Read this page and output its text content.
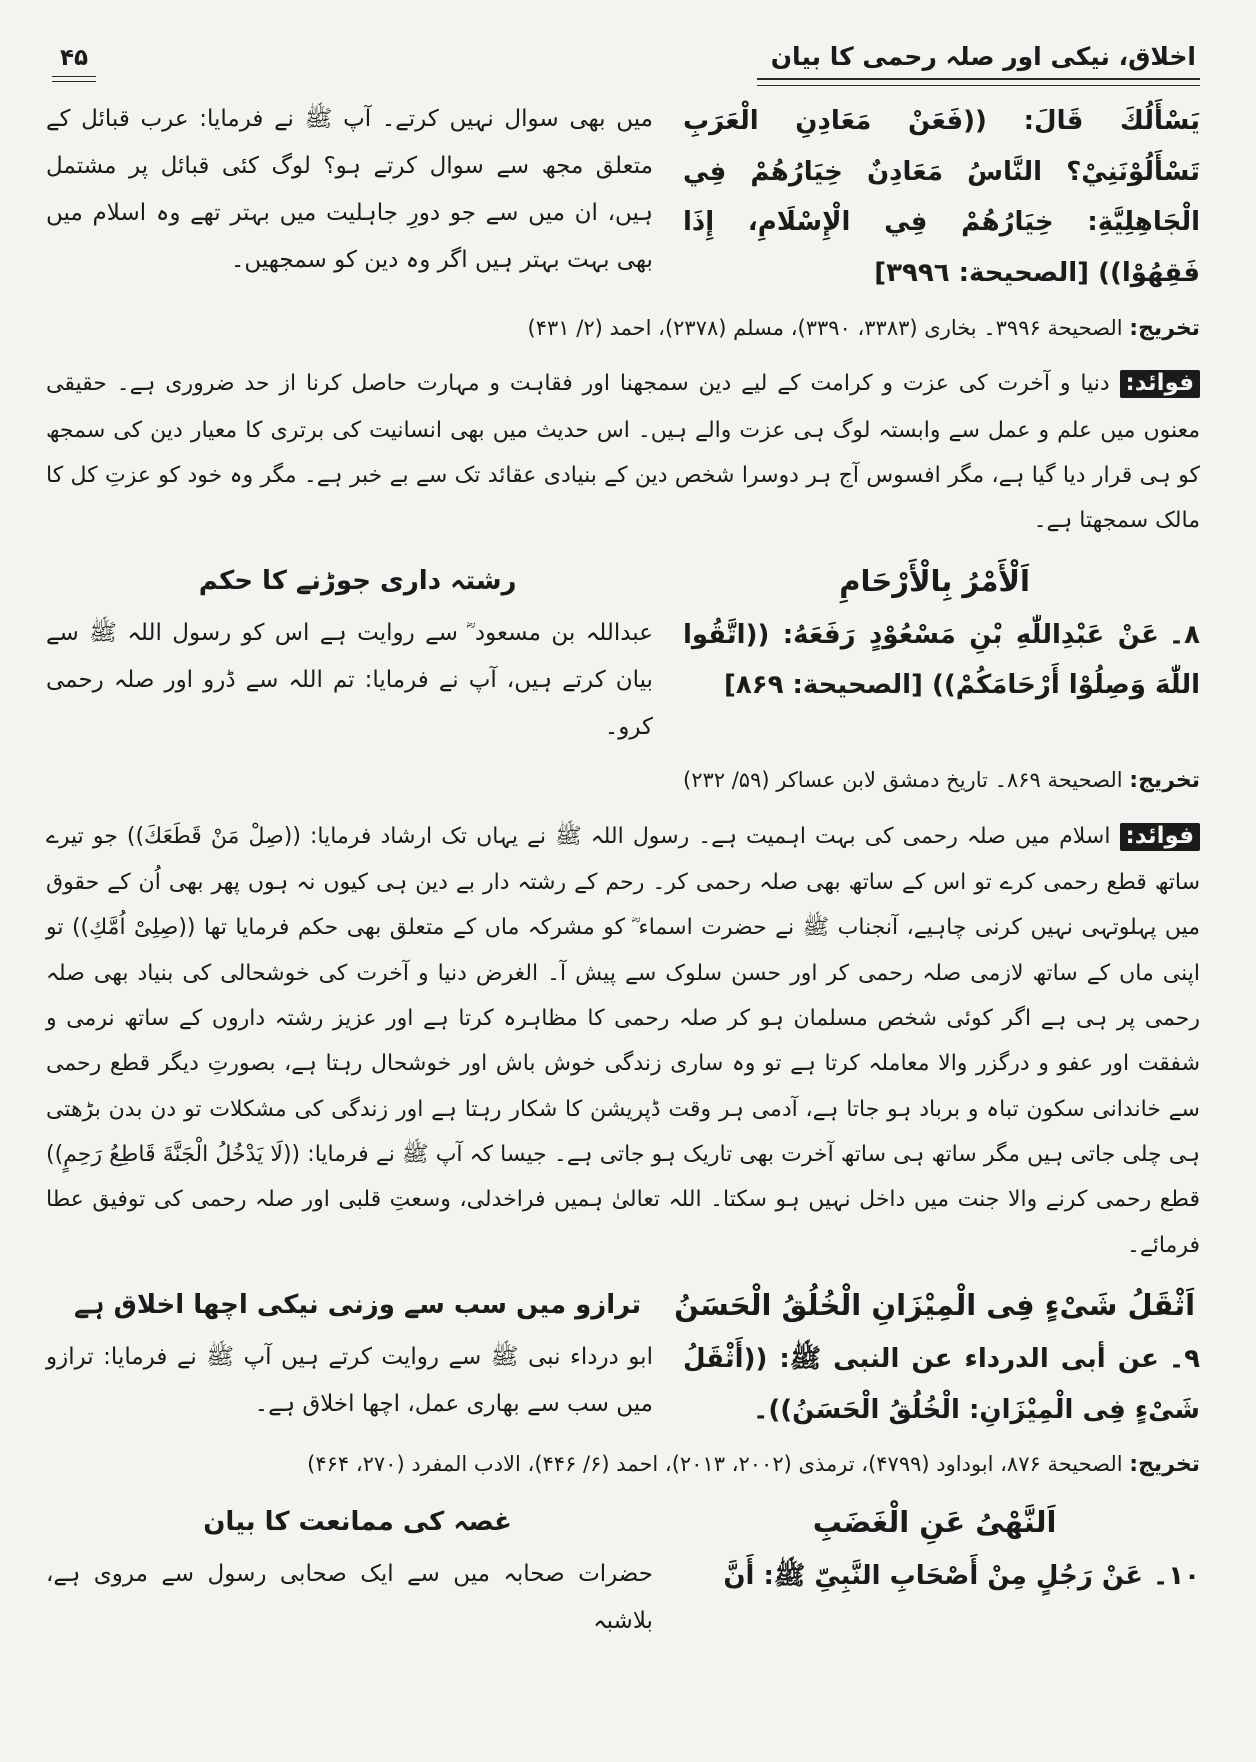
اخلاق، نیکی اور صلہ رحمی کا بیان
۴۵
يَسْأَلُكَ قَالَ: ((فَعَنْ مَعَادِنِ الْعَرَبِ تَسْأَلُوْنَنِيْ؟ النَّاسُ مَعَادِنٌ خِيَارُهُمْ فِي الْجَاهِلِيَّةِ: خِيَارُهُمْ فِي الْإِسْلَامِ، إِذَا فَقِهُوْا)) [الصحيحة: ٣٩٩٦]
میں بھی سوال نہیں کرتے۔ آپ ﷺ نے فرمایا: عرب قبائل کے متعلق مجھ سے سوال کرتے ہو؟ لوگ کئی قبائل پر مشتمل ہیں، ان میں سے جو دورِ جاہلیت میں بہتر تھے وہ اسلام میں بھی بہت بہتر ہیں اگر وہ دین کو سمجھیں۔
تخریج: الصحیحة ۳۹۹۶۔ بخاری (۳۳۸۳، ۳۳۹۰)، مسلم (۲۳۷۸)، احمد (۲/ ۴۳۱)
فوائد: دنیا و آخرت کی عزت و کرامت کے لیے دین سمجھنا اور فقاہت و مہارت حاصل کرنا از حد ضروری ہے۔ حقیقی معنوں میں علم و عمل سے وابستہ لوگ ہی عزت والے ہیں۔ اس حدیث میں بھی انسانیت کی برتری کا معیار دین کی سمجھ کو ہی قرار دیا گیا ہے، مگر افسوس آج ہر دوسرا شخص دین کے بنیادی عقائد تک سے بے خبر ہے۔ مگر وہ خود کو عزتِ کل کا مالک سمجھتا ہے۔
اَلْأَمْرُ بِالْأَرْحَامِ
رشتہ داری جوڑنے کا حکم
۸۔عَنْ عَبْدِاللّٰهِ بْنِ مَسْعُوْدٍ رَفَعَهُ: ((اتَّقُوا اللّٰهَ وَصِلُوْا أَرْحَامَكُمْ)) [الصحیحة: ۸۶۹]
عبداللہ بن مسعود ؓ سے روایت ہے اس کو رسول اللہ ﷺ سے بیان کرتے ہیں، آپ نے فرمایا: تم اللہ سے ڈرو اور صلہ رحمی کرو۔
تخریج: الصحیحة ۸۶۹۔ تاریخ دمشق لابن عساکر (۵۹/ ۲۳۲)
فوائد: اسلام میں صلہ رحمی کی بہت اہمیت ہے۔ رسول اللہ ﷺ نے یہاں تک ارشاد فرمایا: ((صِلْ مَنْ قَطَعَكَ)) جو تیرے ساتھ قطع رحمی کرے تو اس کے ساتھ بھی صلہ رحمی کر۔ رحم کے رشتہ دار بے دین ہی کیوں نہ ہوں پھر بھی اُن کے حقوق میں پہلوتہی نہیں کرنی چاہیے، آنجناب ﷺ نے حضرت اسماء ؓ کو مشرکہ ماں کے متعلق بھی حکم فرمایا تھا ((صِلِیْ اُمَّكِ)) تو اپنی ماں کے ساتھ لازمی صلہ رحمی کر اور حسن سلوک سے پیش آ۔ الغرض دنیا و آخرت کی خوشحالی کی بنیاد بھی صلہ رحمی پر ہی ہے اگر کوئی شخص مسلمان ہو کر صلہ رحمی کا مظاہرہ کرتا ہے اور عزیز رشتہ داروں کے ساتھ نرمی و شفقت اور عفو و درگزر والا معاملہ کرتا ہے تو وہ ساری زندگی خوش باش اور خوشحال رہتا ہے، بصورتِ دیگر قطع رحمی سے خاندانی سکون تباہ و برباد ہو جاتا ہے، آدمی ہر وقت ڈپریشن کا شکار رہتا ہے اور زندگی کی مشکلات تو دن بدن بڑھتی ہی چلی جاتی ہیں مگر ساتھ ہی ساتھ آخرت بھی تاریک ہو جاتی ہے۔ جیسا کہ آپ ﷺ نے فرمایا: ((لَا يَدْخُلُ الْجَنَّةَ قَاطِعُ رَحِمٍ)) قطع رحمی کرنے والا جنت میں داخل نہیں ہو سکتا۔ اللہ تعالیٰ ہمیں فراخدلی، وسعتِ قلبی اور صلہ رحمی کی توفیق عطا فرمائے۔
اَثْقَلُ شَیْءٍ فِی الْمِیْزَانِ الْخُلُقُ الْحَسَنُ
ترازو میں سب سے وزنی نیکی اچھا اخلاق ہے
۹۔عن أبی الدرداء عن النبی ﷺ: ((أَثْقَلُ شَیْءٍ فِی الْمِیْزَانِ: الْخُلُقُ الْحَسَنُ))۔
ابو درداء نبی ﷺ سے روایت کرتے ہیں آپ ﷺ نے فرمایا: ترازو میں سب سے بھاری عمل، اچھا اخلاق ہے۔
تخریج: الصحیحة ۸۷۶، ابوداود (۴۷۹۹)، ترمذی (۲۰۰۲، ۲۰۱۳)، احمد (۶/ ۴۴۶)، الادب المفرد (۲۷۰، ۴۶۴)
اَلنَّهْیُ عَنِ الْغَضَبِ
غصہ کی ممانعت کا بیان
۱۰۔عَنْ رَجُلٍ مِنْ أَصْحَابِ النَّبِیِّ ﷺ: أَنَّ
حضرات صحابہ میں سے ایک صحابی رسول سے مروی ہے، بلاشبہ
